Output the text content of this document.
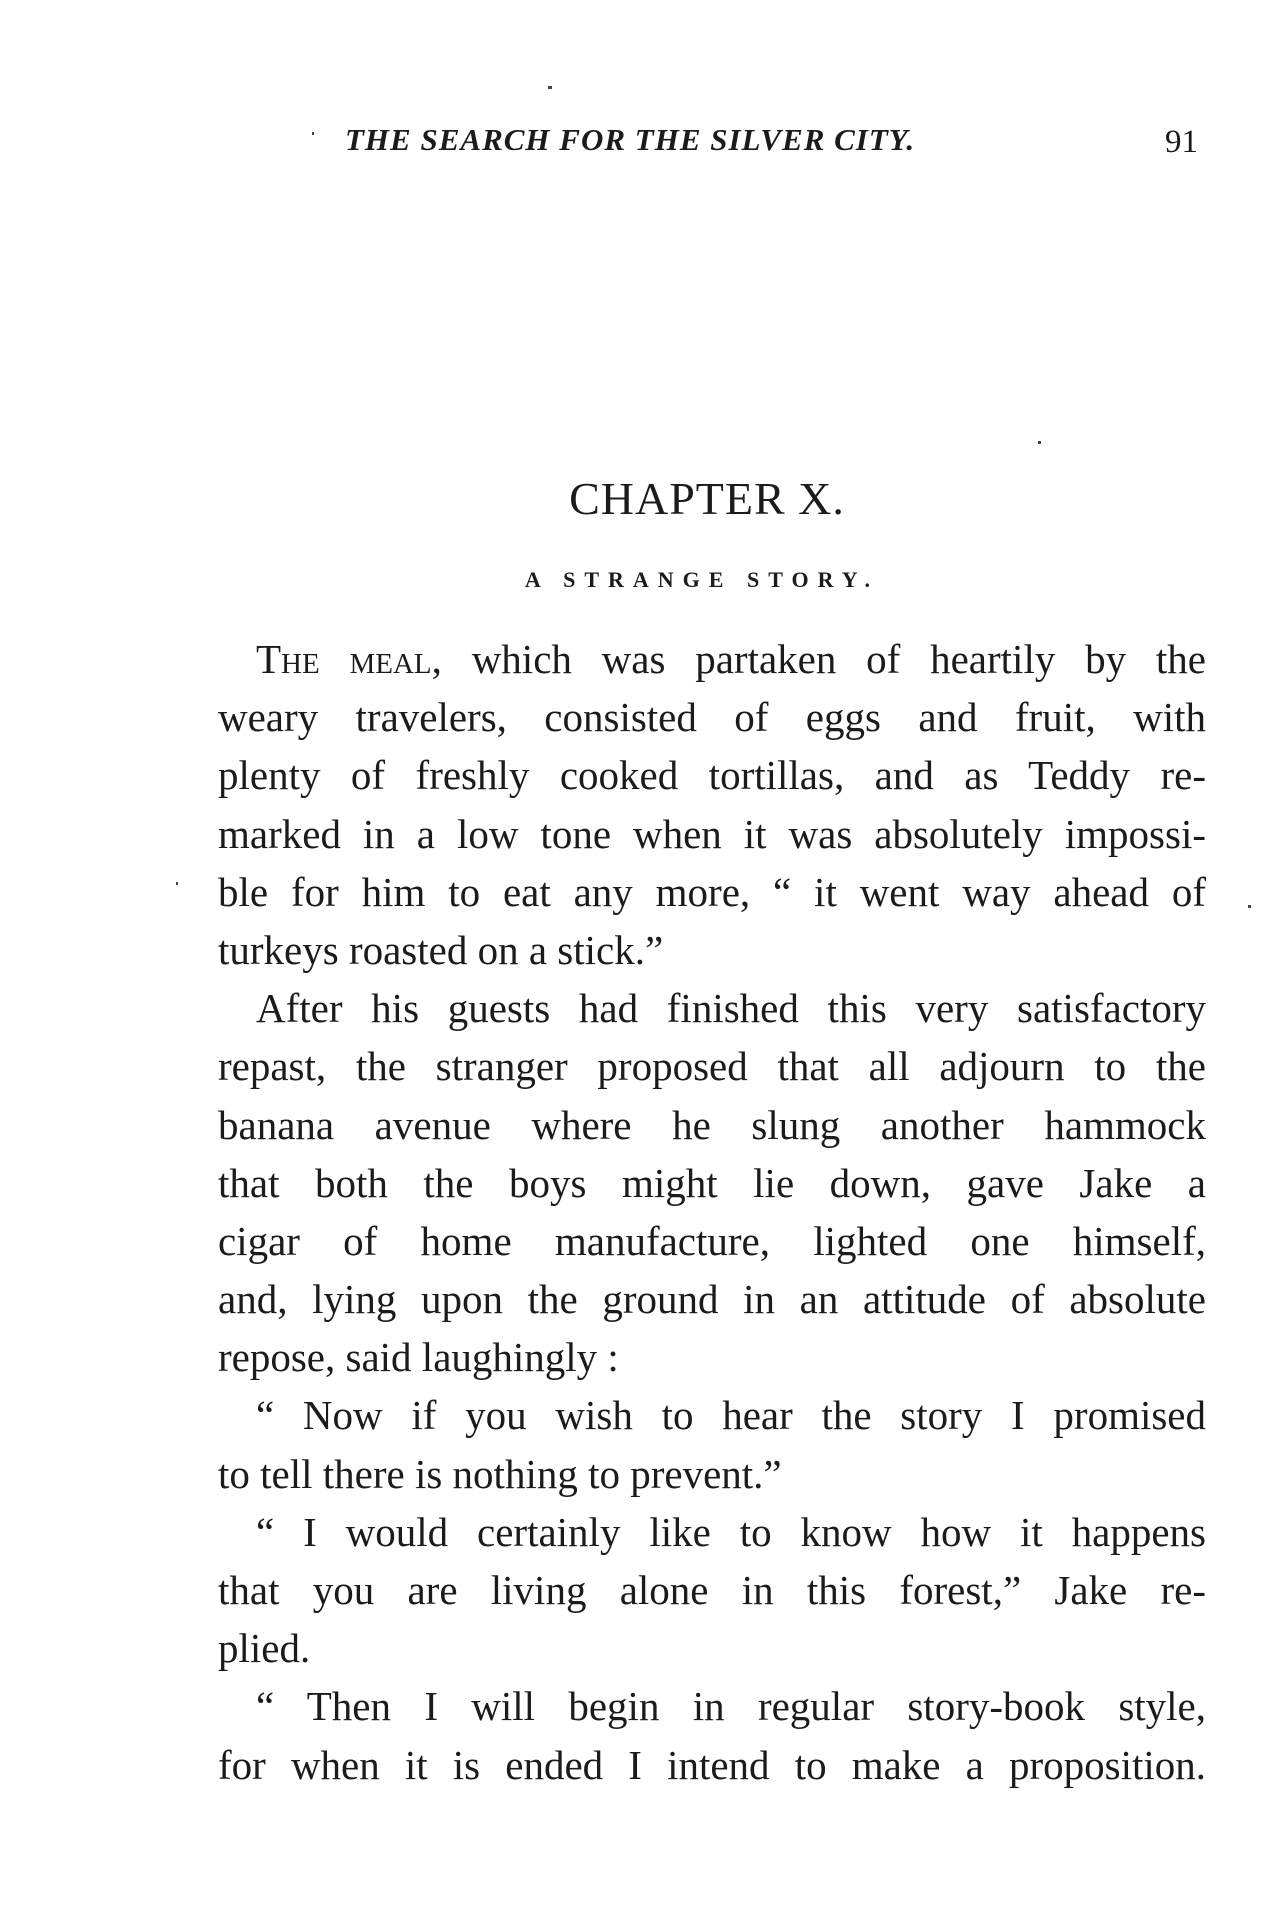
THE SEARCH FOR THE SILVER CITY.	91
CHAPTER X.
A STRANGE STORY.
The meal, which was partaken of heartily by the
weary travelers, consisted of eggs and fruit, with
plenty of freshly cooked tortillas, and as Teddy re-
marked in a low tone when it was absolutely impossi-
ble for him to eat any more, “ it went way ahead of
turkeys roasted on a stick.”
After his guests had finished this very satisfactory
repast, the stranger proposed that all adjourn to the
banana avenue where he slung another hammock
that both the boys might lie down, gave Jake a
cigar of home manufacture, lighted one himself,
and, lying upon the ground in an attitude of absolute
repose, said laughingly :
“ Now if you wish to hear the story I promised
to tell there is nothing to prevent.”
“ I would certainly like to know how it happens
that you are living alone in this forest,” Jake re-
plied.
“ Then I will begin in regular story-book style,
for when it is ended I intend to make a proposition.
